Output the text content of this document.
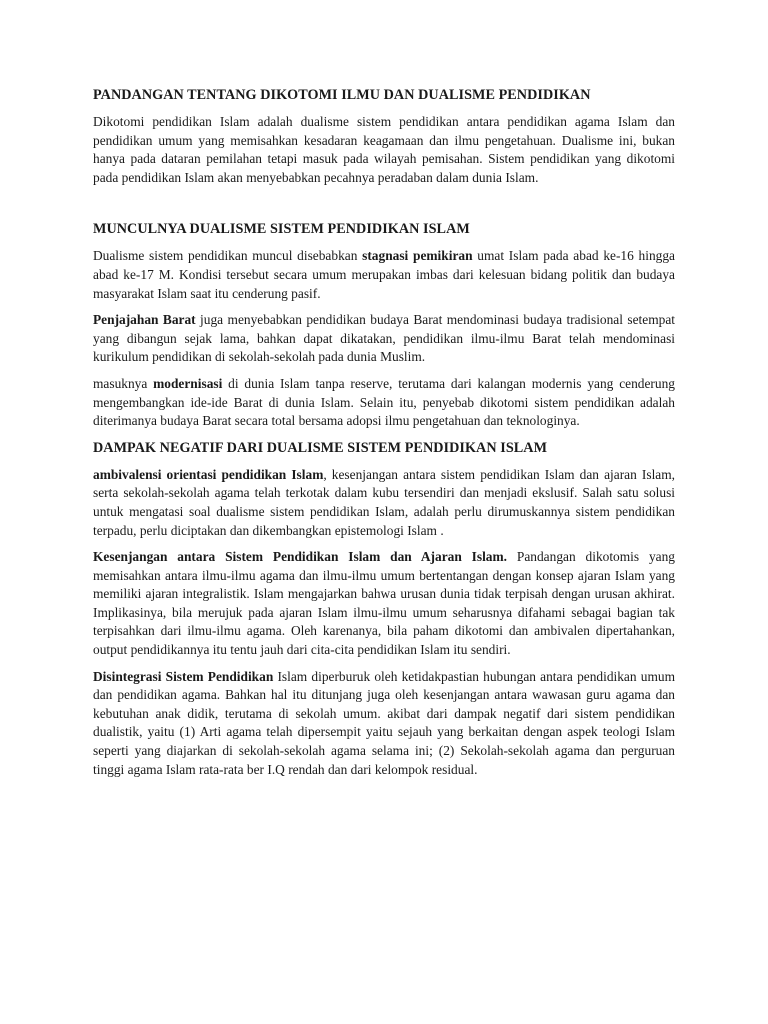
PANDANGAN TENTANG DIKOTOMI ILMU DAN DUALISME PENDIDIKAN

Dikotomi pendidikan Islam adalah dualisme sistem pendidikan antara pendidikan agama Islam dan pendidikan umum yang memisahkan kesadaran keagamaan dan ilmu pengetahuan. Dualisme ini, bukan hanya pada dataran pemilahan tetapi masuk pada wilayah pemisahan. Sistem pendidikan yang dikotomi pada pendidikan Islam akan menyebabkan pecahnya peradaban dalam dunia Islam.

MUNCULNYA DUALISME SISTEM PENDIDIKAN ISLAM

Dualisme sistem pendidikan muncul disebabkan stagnasi pemikiran umat Islam pada abad ke-16 hingga abad ke-17 M. Kondisi tersebut secara umum merupakan imbas dari kelesuan bidang politik dan budaya masyarakat Islam saat itu cenderung pasif.

Penjajahan Barat juga menyebabkan pendidikan budaya Barat mendominasi budaya tradisional setempat yang dibangun sejak lama, bahkan dapat dikatakan, pendidikan ilmu-ilmu Barat telah mendominasi kurikulum pendidikan di sekolah-sekolah pada dunia Muslim.

masuknya modernisasi di dunia Islam tanpa reserve, terutama dari kalangan modernis yang cenderung mengembangkan ide-ide Barat di dunia Islam. Selain itu, penyebab dikotomi sistem pendidikan adalah diterimanya budaya Barat secara total bersama adopsi ilmu pengetahuan dan teknologinya.

DAMPAK NEGATIF DARI DUALISME SISTEM PENDIDIKAN ISLAM

ambivalensi orientasi pendidikan Islam, kesenjangan antara sistem pendidikan Islam dan ajaran Islam, serta sekolah-sekolah agama telah terkotak dalam kubu tersendiri dan menjadi ekslusif. Salah satu solusi untuk mengatasi soal dualisme sistem pendidikan Islam, adalah perlu dirumuskannya sistem pendidikan terpadu, perlu diciptakan dan dikembangkan epistemologi Islam .

Kesenjangan antara Sistem Pendidikan Islam dan Ajaran Islam. Pandangan dikotomis yang memisahkan antara ilmu-ilmu agama dan ilmu-ilmu umum bertentangan dengan konsep ajaran Islam yang memiliki ajaran integralistik. Islam mengajarkan bahwa urusan dunia tidak terpisah dengan urusan akhirat. Implikasinya, bila merujuk pada ajaran Islam ilmu-ilmu umum seharusnya difahami sebagai bagian tak terpisahkan dari ilmu-ilmu agama. Oleh karenanya, bila paham dikotomi dan ambivalen dipertahankan, output pendidikannya itu tentu jauh dari cita-cita pendidikan Islam itu sendiri.

Disintegrasi Sistem Pendidikan Islam diperburuk oleh ketidakpastian hubungan antara pendidikan umum dan pendidikan agama. Bahkan hal itu ditunjang juga oleh kesenjangan antara wawasan guru agama dan kebutuhan anak didik, terutama di sekolah umum. akibat dari dampak negatif dari sistem pendidikan dualistik, yaitu (1) Arti agama telah dipersempit yaitu sejauh yang berkaitan dengan aspek teologi Islam seperti yang diajarkan di sekolah-sekolah agama selama ini; (2) Sekolah-sekolah agama dan perguruan tinggi agama Islam rata-rata ber I.Q rendah dan dari kelompok residual.
